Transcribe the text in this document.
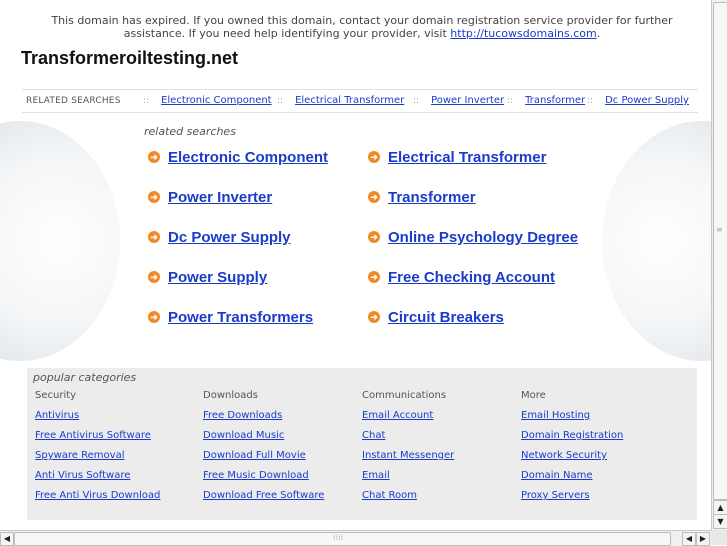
This domain has expired. If you owned this domain, contact your domain registration service provider for further assistance. If you need help identifying your provider, visit http://tucowsdomains.com.
Transformeroiltesting.net
RELATED SEARCHES :: Electronic Component :: Electrical Transformer :: Power Inverter :: Transformer :: Dc Power Supply
related searches
➜ Electronic Component
➜ Power Inverter
➜ Dc Power Supply
➜ Power Supply
➜ Power Transformers
➜ Electrical Transformer
➜ Transformer
➜ Online Psychology Degree
➜ Free Checking Account
➜ Circuit Breakers
popular categories
Security
Antivirus
Free Antivirus Software
Spyware Removal
Anti Virus Software
Free Anti Virus Download
Downloads
Free Downloads
Download Music
Download Full Movie
Free Music Download
Download Free Software
Communications
Email Account
Chat
Instant Messenger
Email
Chat Room
More
Email Hosting
Domain Registration
Network Security
Domain Name
Proxy Servers
≡
▲
▼
◀	⁞⁞⁞⁞	◀ ▶
